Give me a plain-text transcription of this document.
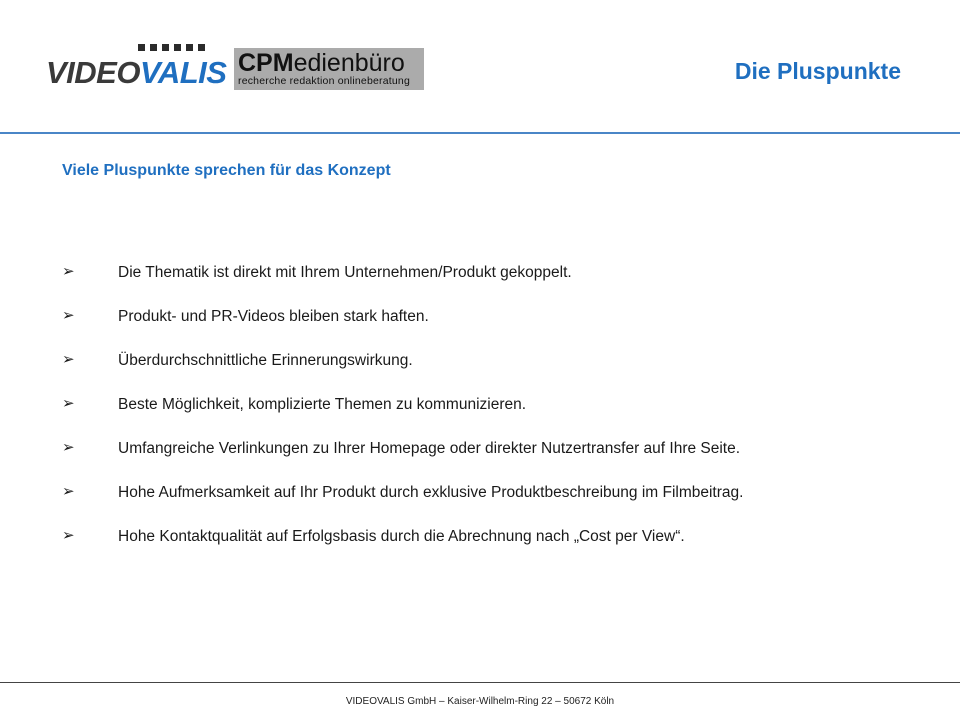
VIDEOVALIS CPMedienbüro
recherche redaktion onlineberatung	Die Pluspunkte
Viele Pluspunkte sprechen für das Konzept
➢	Die Thematik ist direkt mit Ihrem Unternehmen/Produkt gekoppelt.
➢	Produkt- und PR-Videos bleiben stark haften.
➢	Überdurchschnittliche Erinnerungswirkung.
➢	Beste Möglichkeit, komplizierte Themen zu kommunizieren.
➢	Umfangreiche Verlinkungen zu Ihrer Homepage oder direkter Nutzertransfer auf Ihre Seite.
➢	Hohe Aufmerksamkeit auf Ihr Produkt durch exklusive Produktbeschreibung im Filmbeitrag.
➢	Hohe Kontaktqualität auf Erfolgsbasis durch die Abrechnung nach „Cost per View“.
VIDEOVALIS GmbH – Kaiser-Wilhelm-Ring 22 – 50672 Köln
